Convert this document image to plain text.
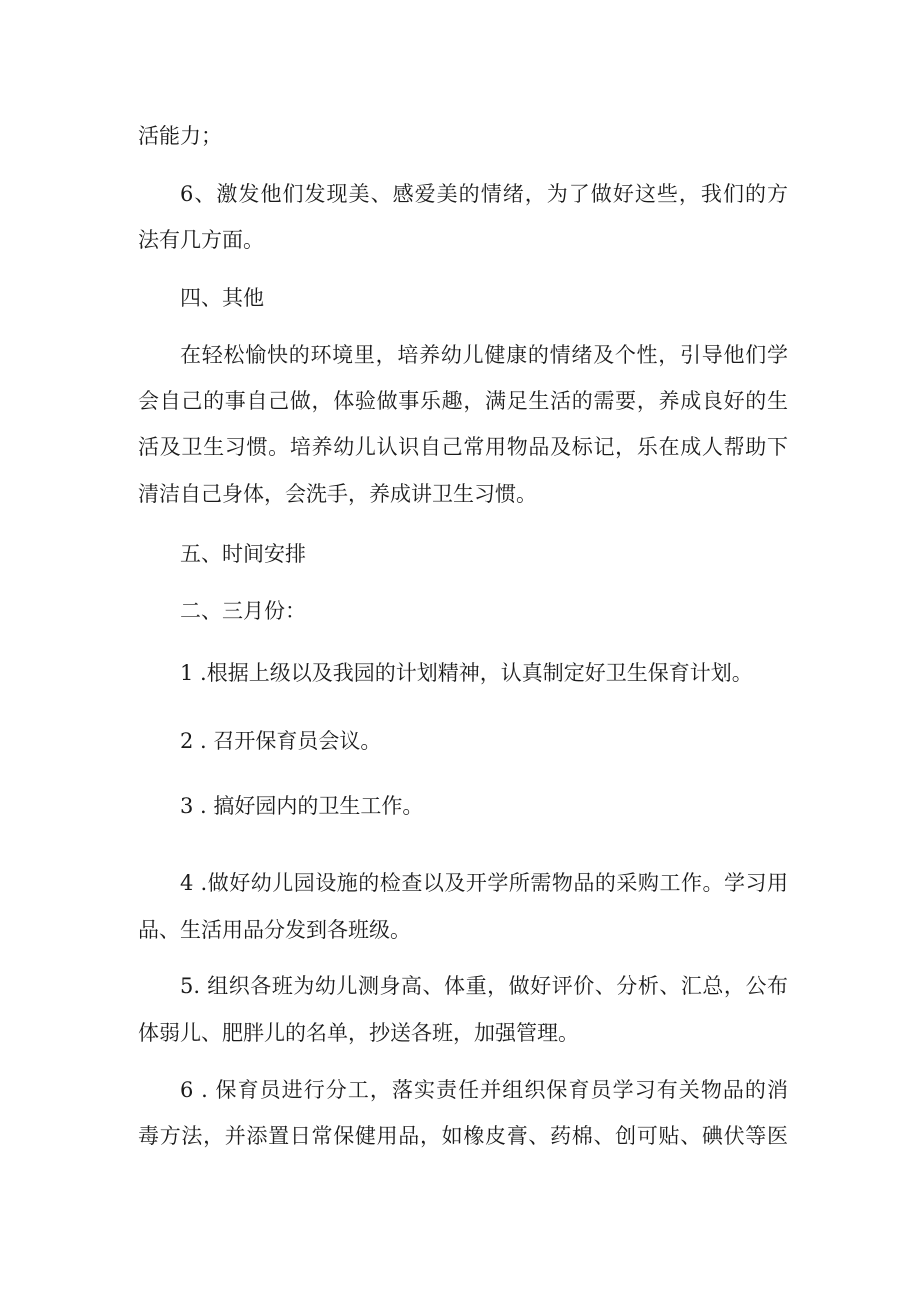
活能力；
6、激发他们发现美、感爱美的情绪，为了做好这些，我们的方
法有几方面。
四、其他
在轻松愉快的环境里，培养幼儿健康的情绪及个性，引导他们学
会自己的事自己做，体验做事乐趣，满足生活的需要，养成良好的生
活及卫生习惯。培养幼儿认识自己常用物品及标记，乐在成人帮助下
清洁自己身体，会洗手，养成讲卫生习惯。
五、时间安排
二、三月份：
1 .根据上级以及我园的计划精神，认真制定好卫生保育计划。
2 . 召开保育员会议。
3 . 搞好园内的卫生工作。
4 .做好幼儿园设施的检查以及开学所需物品的采购工作。学习用
品、生活用品分发到各班级。
5. 组织各班为幼儿测身高、体重，做好评价、分析、汇总，公布
体弱儿、肥胖儿的名单，抄送各班，加强管理。
6 . 保育员进行分工，落实责任并组织保育员学习有关物品的消
毒方法，并添置日常保健用品，如橡皮膏、药棉、创可贴、碘伏等医
